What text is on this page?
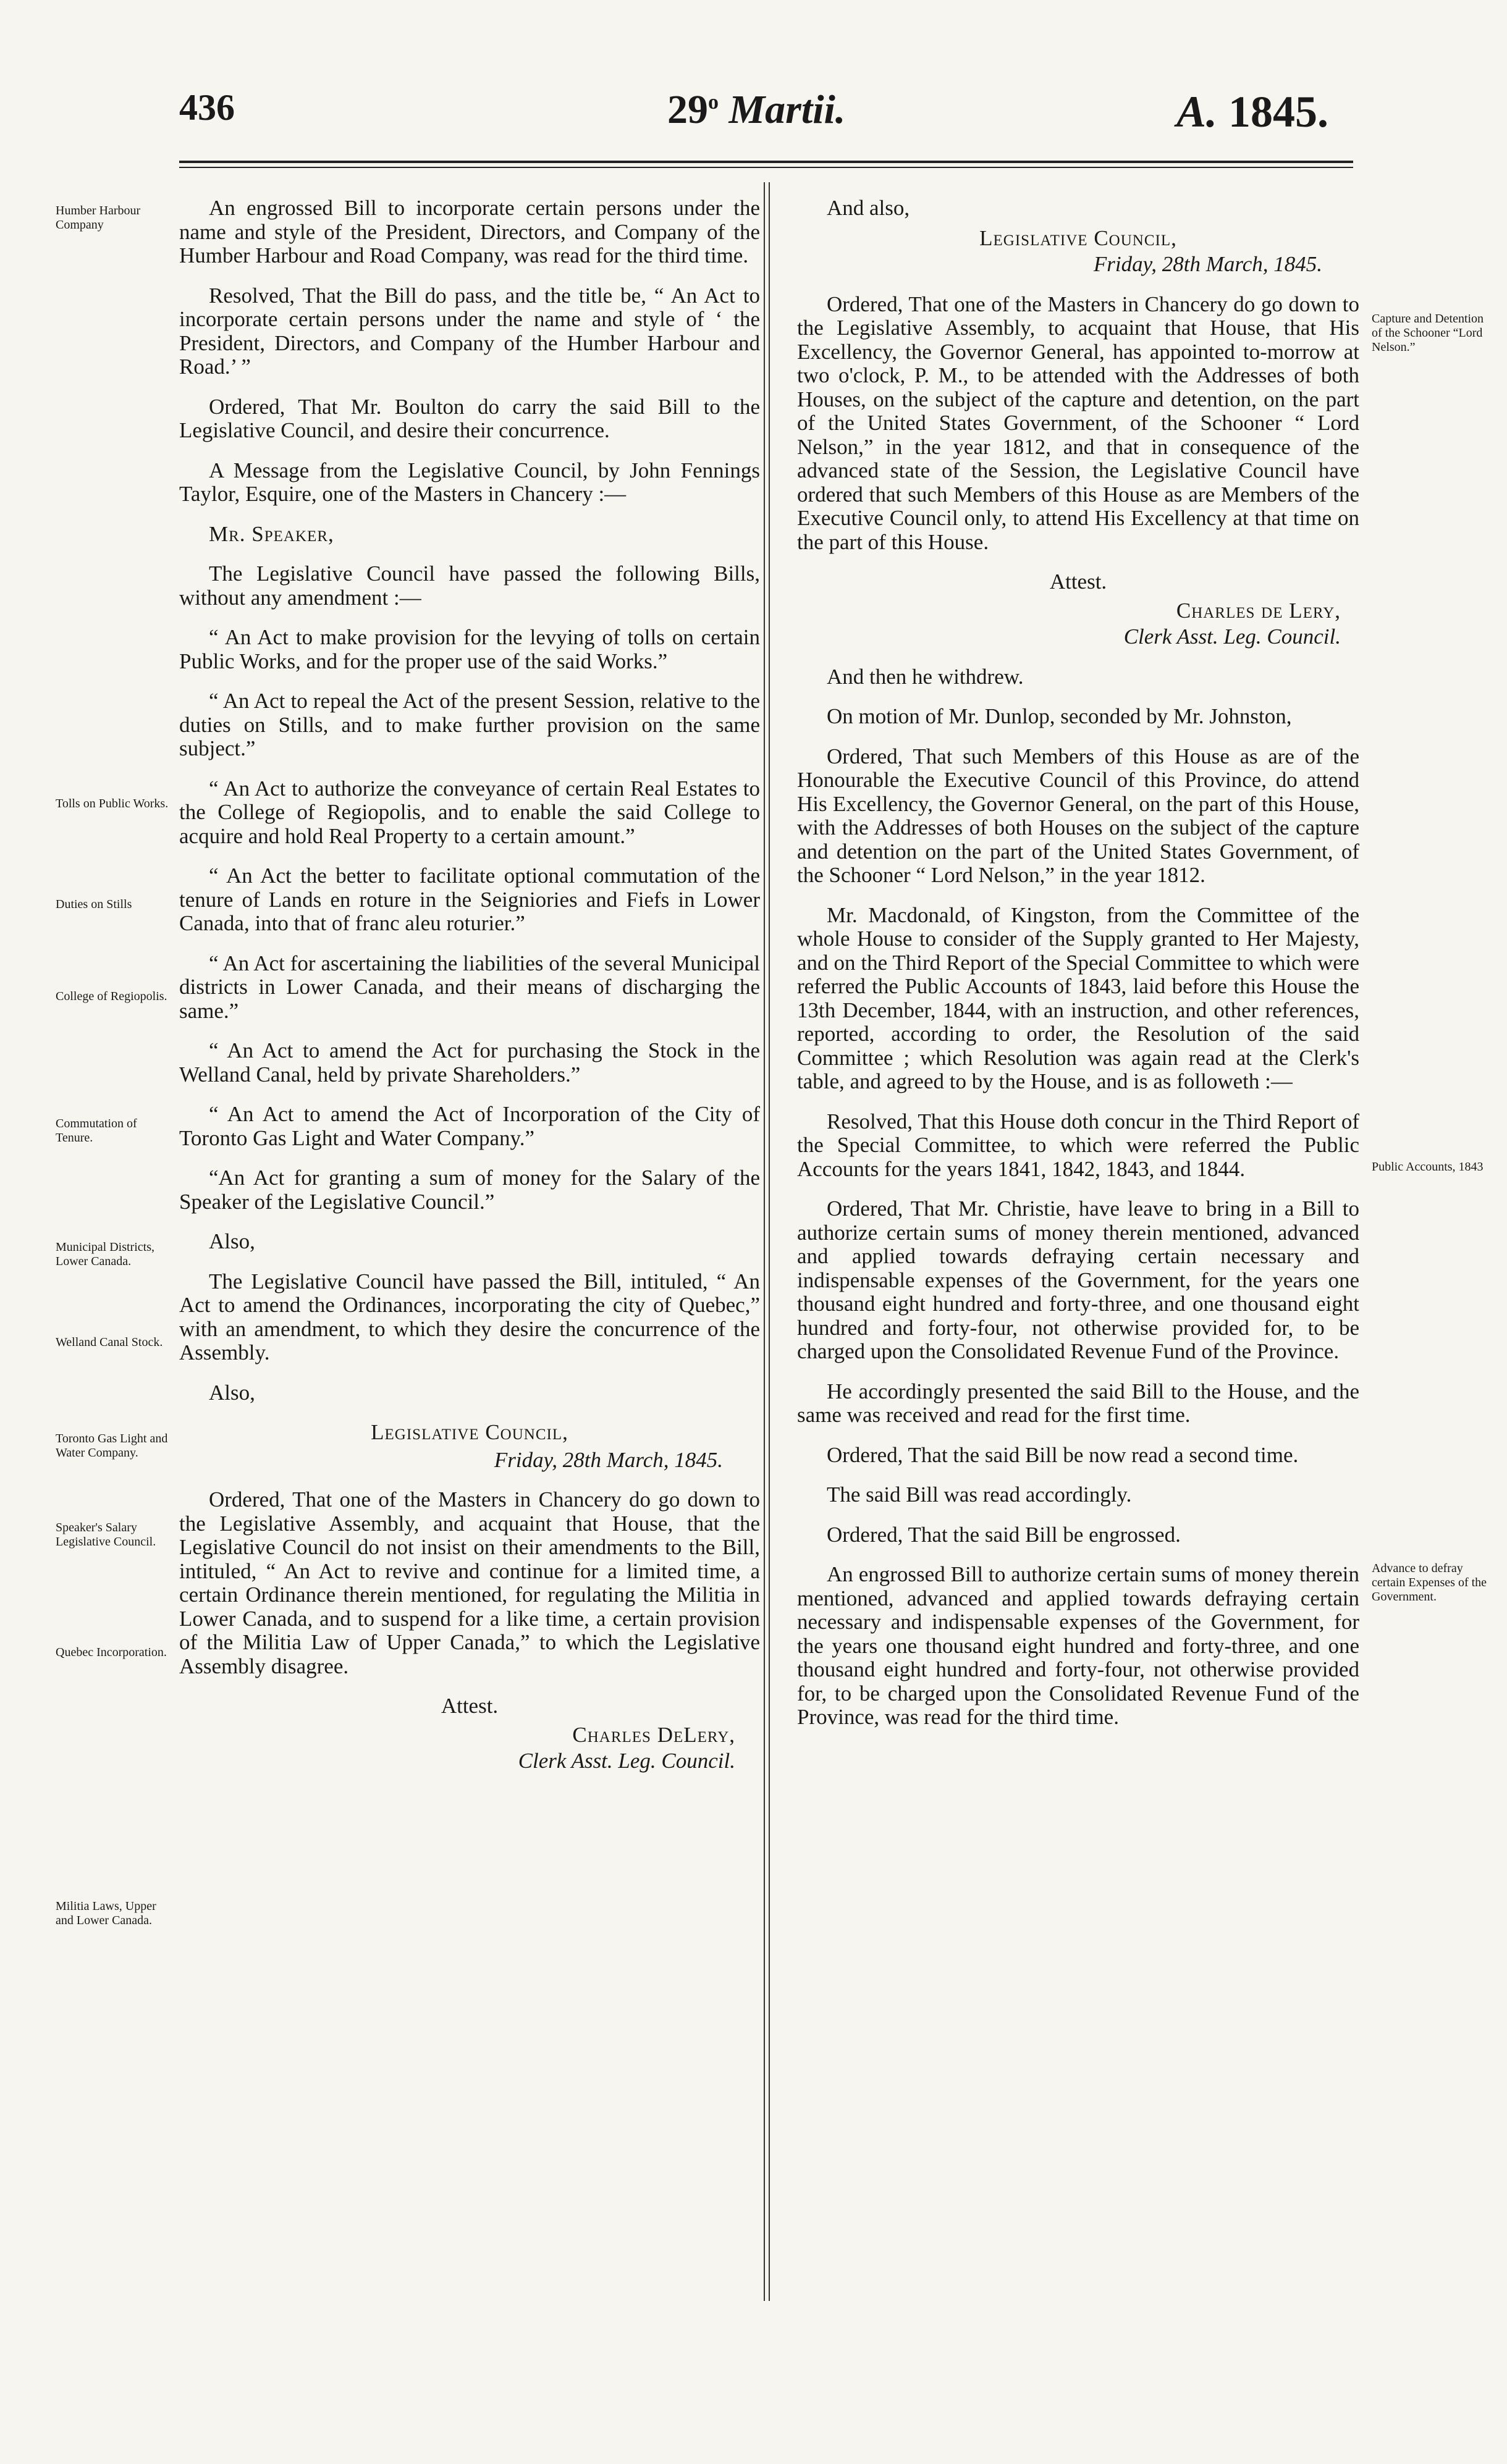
436	29$^o$ Martii.	A. 1845.
Humber Harbour Company
Tolls on Public Works.
Duties on Stills
College of Regiopolis.
Commutation of Tenure.
Municipal Districts, Lower Canada.
Welland Canal Stock.
Toronto Gas Light and Water Company.
Speaker's Salary Legislative Council.
Quebec Incorporation.
Militia Laws, Upper and Lower Canada.
Capture and Detention of the Schooner “Lord Nelson.”
Public Accounts, 1843
Advance to defray certain Expenses of the Government.

An engrossed Bill to incorporate certain persons under the name and style of the President, Directors, and Company of the Humber Harbour and Road Company, was read for the third time.

Resolved, That the Bill do pass, and the title be, “ An Act to incorporate certain persons under the name and style of ‘ the President, Directors, and Company of the Humber Harbour and Road.’ ”

Ordered, That Mr. Boulton do carry the said Bill to the Legislative Council, and desire their concurrence.

A Message from the Legislative Council, by John Fennings Taylor, Esquire, one of the Masters in Chancery :—

Mr. Speaker,

The Legislative Council have passed the following Bills, without any amendment :—

“ An Act to make provision for the levying of tolls on certain Public Works, and for the proper use of the said Works.”

“ An Act to repeal the Act of the present Session, relative to the duties on Stills, and to make further provision on the same subject.”

“ An Act to authorize the conveyance of certain Real Estates to the College of Regiopolis, and to enable the said College to acquire and hold Real Property to a certain amount.”

“ An Act the better to facilitate optional commutation of the tenure of Lands en roture in the Seigniories and Fiefs in Lower Canada, into that of franc aleu roturier.”

“ An Act for ascertaining the liabilities of the several Municipal districts in Lower Canada, and their means of discharging the same.”

“ An Act to amend the Act for purchasing the Stock in the Welland Canal, held by private Shareholders.”

“ An Act to amend the Act of Incorporation of the City of Toronto Gas Light and Water Company.”

“An Act for granting a sum of money for the Salary of the Speaker of the Legislative Council.”

Also,

The Legislative Council have passed the Bill, intituled, “ An Act to amend the Ordinances, incorporating the city of Quebec,” with an amendment, to which they desire the concurrence of the Assembly.

Also,

Legislative Council,

Friday, 28th March, 1845.

Ordered, That one of the Masters in Chancery do go down to the Legislative Assembly, and acquaint that House, that the Legislative Council do not insist on their amendments to the Bill, intituled, “ An Act to revive and continue for a limited time, a certain Ordinance therein mentioned, for regulating the Militia in Lower Canada, and to suspend for a like time, a certain provision of the Militia Law of Upper Canada,” to which the Legislative Assembly disagree.

Attest.

Charles DeLery,

Clerk Asst. Leg. Council.

And also,

Legislative Council,

Friday, 28th March, 1845.

Ordered, That one of the Masters in Chancery do go down to the Legislative Assembly, to acquaint that House, that His Excellency, the Governor General, has appointed to-morrow at two o'clock, P. M., to be attended with the Addresses of both Houses, on the subject of the capture and detention, on the part of the United States Government, of the Schooner “ Lord Nelson,” in the year 1812, and that in consequence of the advanced state of the Session, the Legislative Council have ordered that such Members of this House as are Members of the Executive Council only, to attend His Excellency at that time on the part of this House.

Attest.

Charles de Lery,

Clerk Asst. Leg. Council.

And then he withdrew.

On motion of Mr. Dunlop, seconded by Mr. Johnston,

Ordered, That such Members of this House as are of the Honourable the Executive Council of this Province, do attend His Excellency, the Governor General, on the part of this House, with the Addresses of both Houses on the subject of the capture and detention on the part of the United States Government, of the Schooner “ Lord Nelson,” in the year 1812.

Mr. Macdonald, of Kingston, from the Committee of the whole House to consider of the Supply granted to Her Majesty, and on the Third Report of the Special Committee to which were referred the Public Accounts of 1843, laid before this House the 13th December, 1844, with an instruction, and other references, reported, according to order, the Resolution of the said Committee ; which Resolution was again read at the Clerk's table, and agreed to by the House, and is as followeth :—

Resolved, That this House doth concur in the Third Report of the Special Committee, to which were referred the Public Accounts for the years 1841, 1842, 1843, and 1844.

Ordered, That Mr. Christie, have leave to bring in a Bill to authorize certain sums of money therein mentioned, advanced and applied towards defraying certain necessary and indispensable expenses of the Government, for the years one thousand eight hundred and forty-three, and one thousand eight hundred and forty-four, not otherwise provided for, to be charged upon the Consolidated Revenue Fund of the Province.

He accordingly presented the said Bill to the House, and the same was received and read for the first time.

Ordered, That the said Bill be now read a second time.

The said Bill was read accordingly.

Ordered, That the said Bill be engrossed.

An engrossed Bill to authorize certain sums of money therein mentioned, advanced and applied towards defraying certain necessary and indispensable expenses of the Government, for the years one thousand eight hundred and forty-three, and one thousand eight hundred and forty-four, not otherwise provided for, to be charged upon the Consolidated Revenue Fund of the Province, was read for the third time.
